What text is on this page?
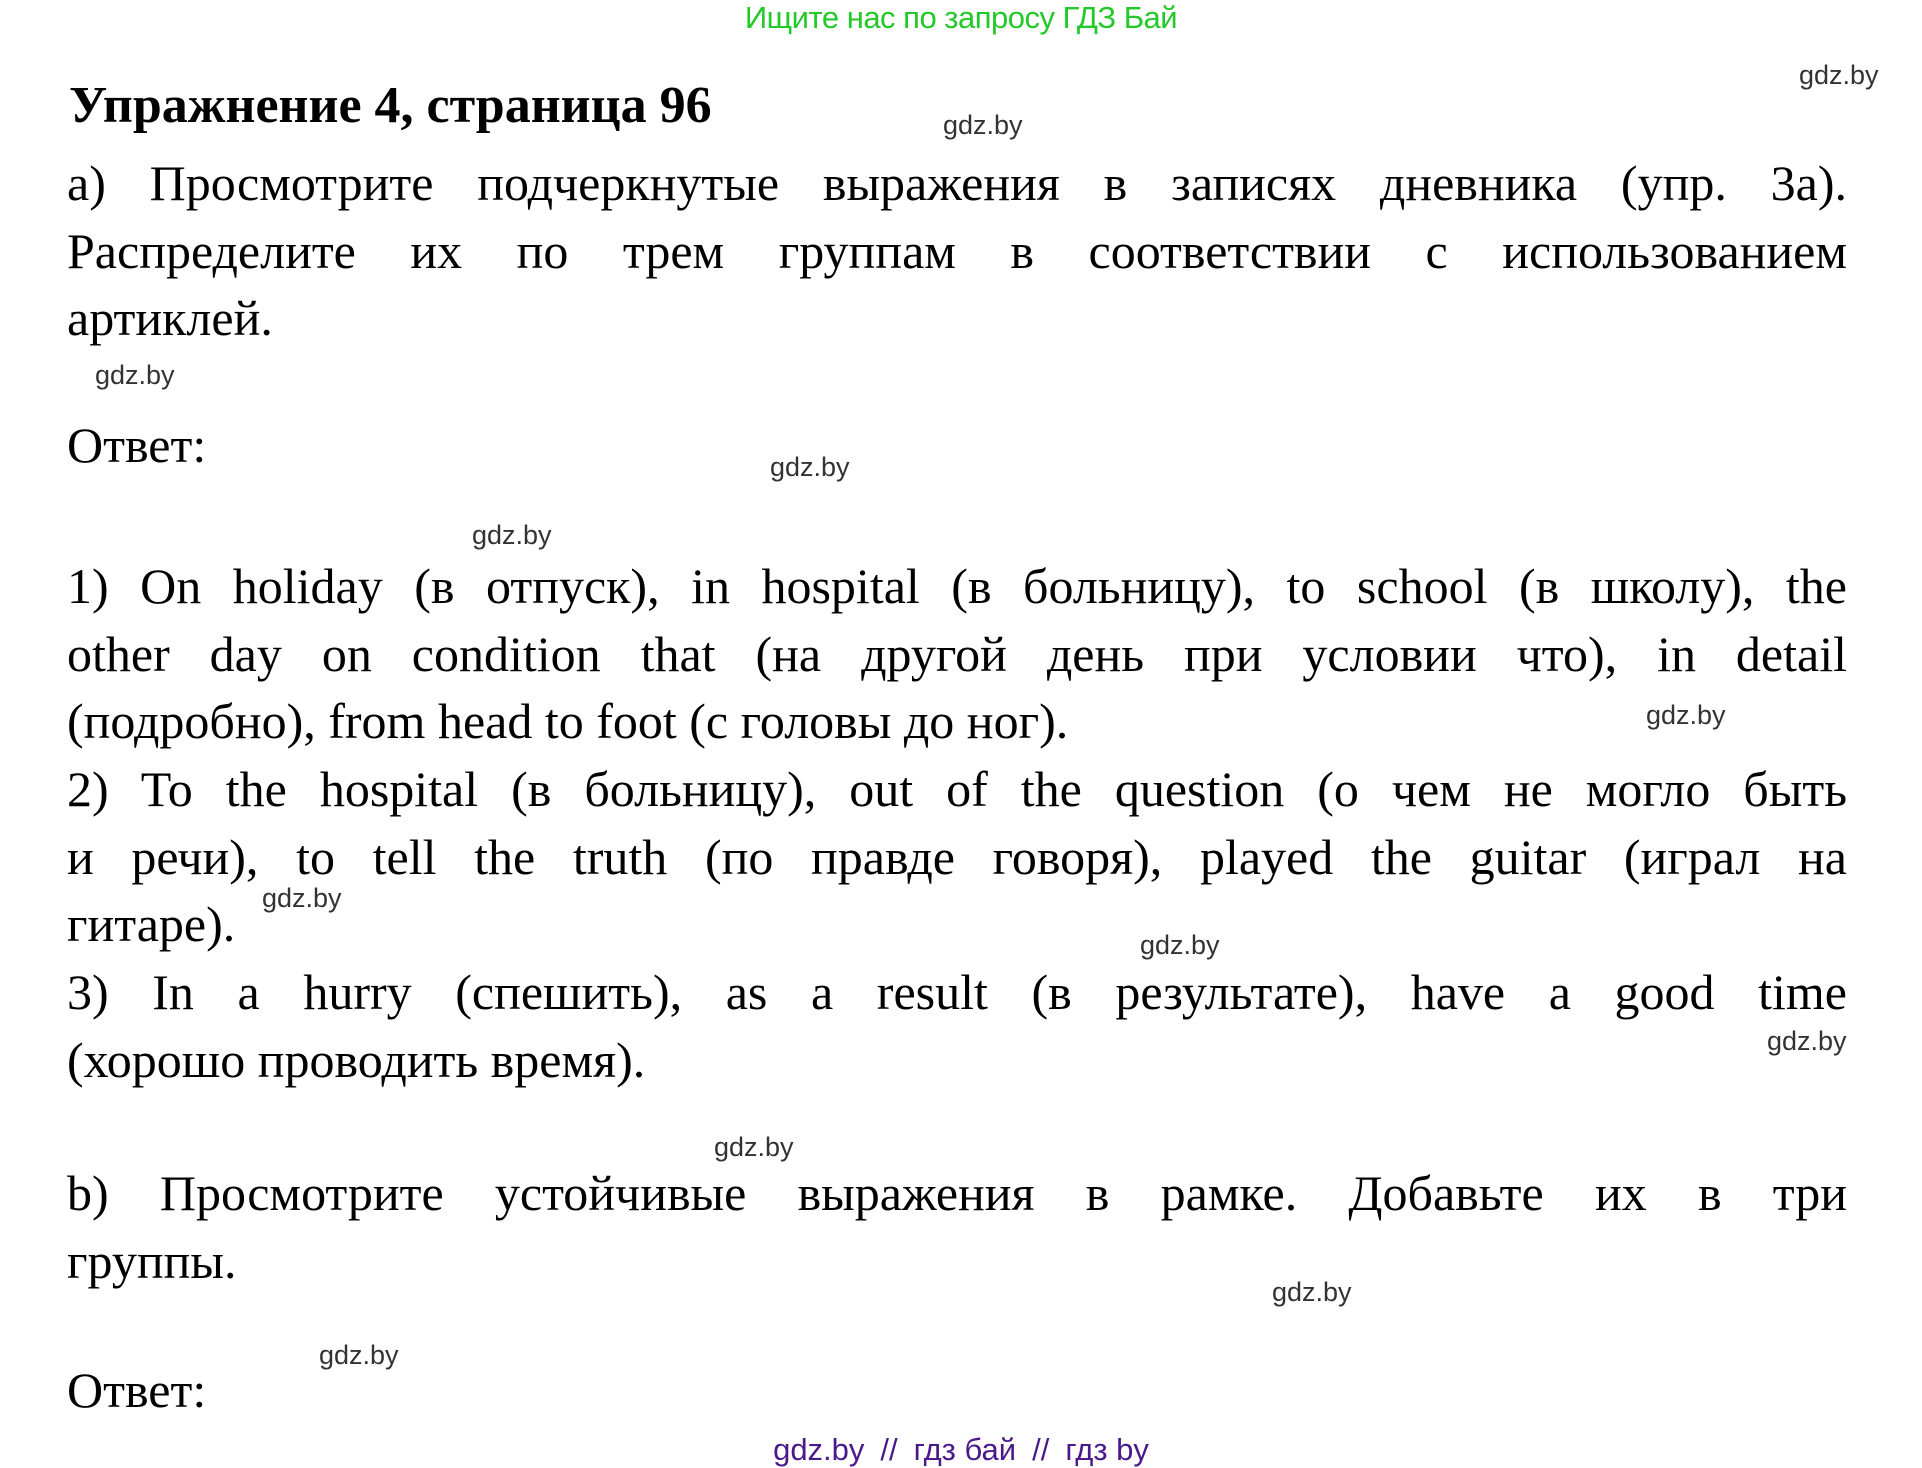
Ищите нас по запросу ГДЗ Бай
Упражнение 4, страница 96
а) Просмотрите подчеркнутые выражения в записях дневника (упр. 3а).
Распределите их по трем группам в соответствии с использованием
артиклей.
Ответ:
1) On holiday (в отпуск), in hospital (в больницу), to school (в школу), the
other day on condition that (на другой день при условии что), in detail
(подробно), from head to foot (с головы до ног).
2) To the hospital (в больницу), out of the question (о чем не могло быть
и речи), to tell the truth (по правде говоря), played the guitar (играл на
гитаре).
3) In a hurry (спешить), as a result (в результате), have a good time
(хорошо проводить время).
b) Просмотрите устойчивые выражения в рамке. Добавьте их в три
группы.
Ответ:
gdz.by
gdz.by
gdz.by
gdz.by
gdz.by
gdz.by
gdz.by
gdz.by
gdz.by
gdz.by
gdz.by
gdz.by
gdz.by // гдз бай // гдз by
